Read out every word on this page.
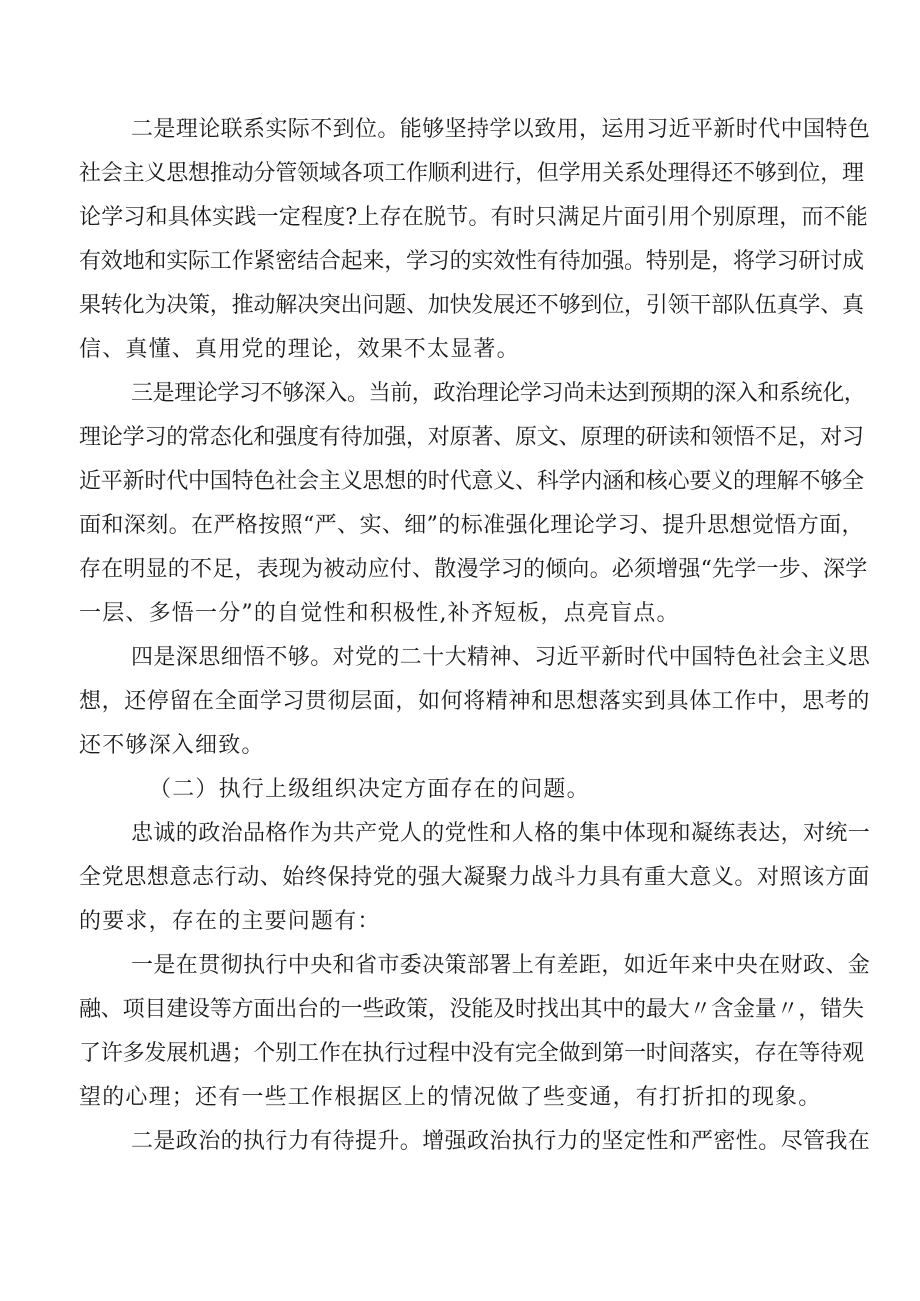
二是理论联系实际不到位。能够坚持学以致用，运用习近平新时代中国特色

社会主义思想推动分管领域各项工作顺利进行，但学用关系处理得还不够到位，理

论学习和具体实践一定程度?上存在脱节。有时只满足片面引用个别原理，而不能

有效地和实际工作紧密结合起来，学习的实效性有待加强。特别是，将学习研讨成

果转化为决策，推动解决突出问题、加快发展还不够到位，引领干部队伍真学、真

信、真懂、真用党的理论，效果不太显著。

三是理论学习不够深入。当前，政治理论学习尚未达到预期的深入和系统化，

理论学习的常态化和强度有待加强，对原著、原文、原理的研读和领悟不足，对习

近平新时代中国特色社会主义思想的时代意义、科学内涵和核心要义的理解不够全

面和深刻。在严格按照“严、实、细”的标准强化理论学习、提升思想觉悟方面，

存在明显的不足，表现为被动应付、散漫学习的倾向。必须增强“先学一步、深学

一层、多悟一分”的自觉性和积极性,补齐短板，点亮盲点。

四是深思细悟不够。对党的二十大精神、习近平新时代中国特色社会主义思

想，还停留在全面学习贯彻层面，如何将精神和思想落实到具体工作中，思考的

还不够深入细致。

（二）执行上级组织决定方面存在的问题。

忠诚的政治品格作为共产党人的党性和人格的集中体现和凝练表达，对统一

全党思想意志行动、始终保持党的强大凝聚力战斗力具有重大意义。对照该方面

的要求，存在的主要问题有：

一是在贯彻执行中央和省市委决策部署上有差距，如近年来中央在财政、金

融、项目建设等方面出台的一些政策，没能及时找出其中的最大〃含金量〃，错失

了许多发展机遇；个别工作在执行过程中没有完全做到第一时间落实，存在等待观

望的心理；还有一些工作根据区上的情况做了些变通，有打折扣的现象。

二是政治的执行力有待提升。增强政治执行力的坚定性和严密性。尽管我在
